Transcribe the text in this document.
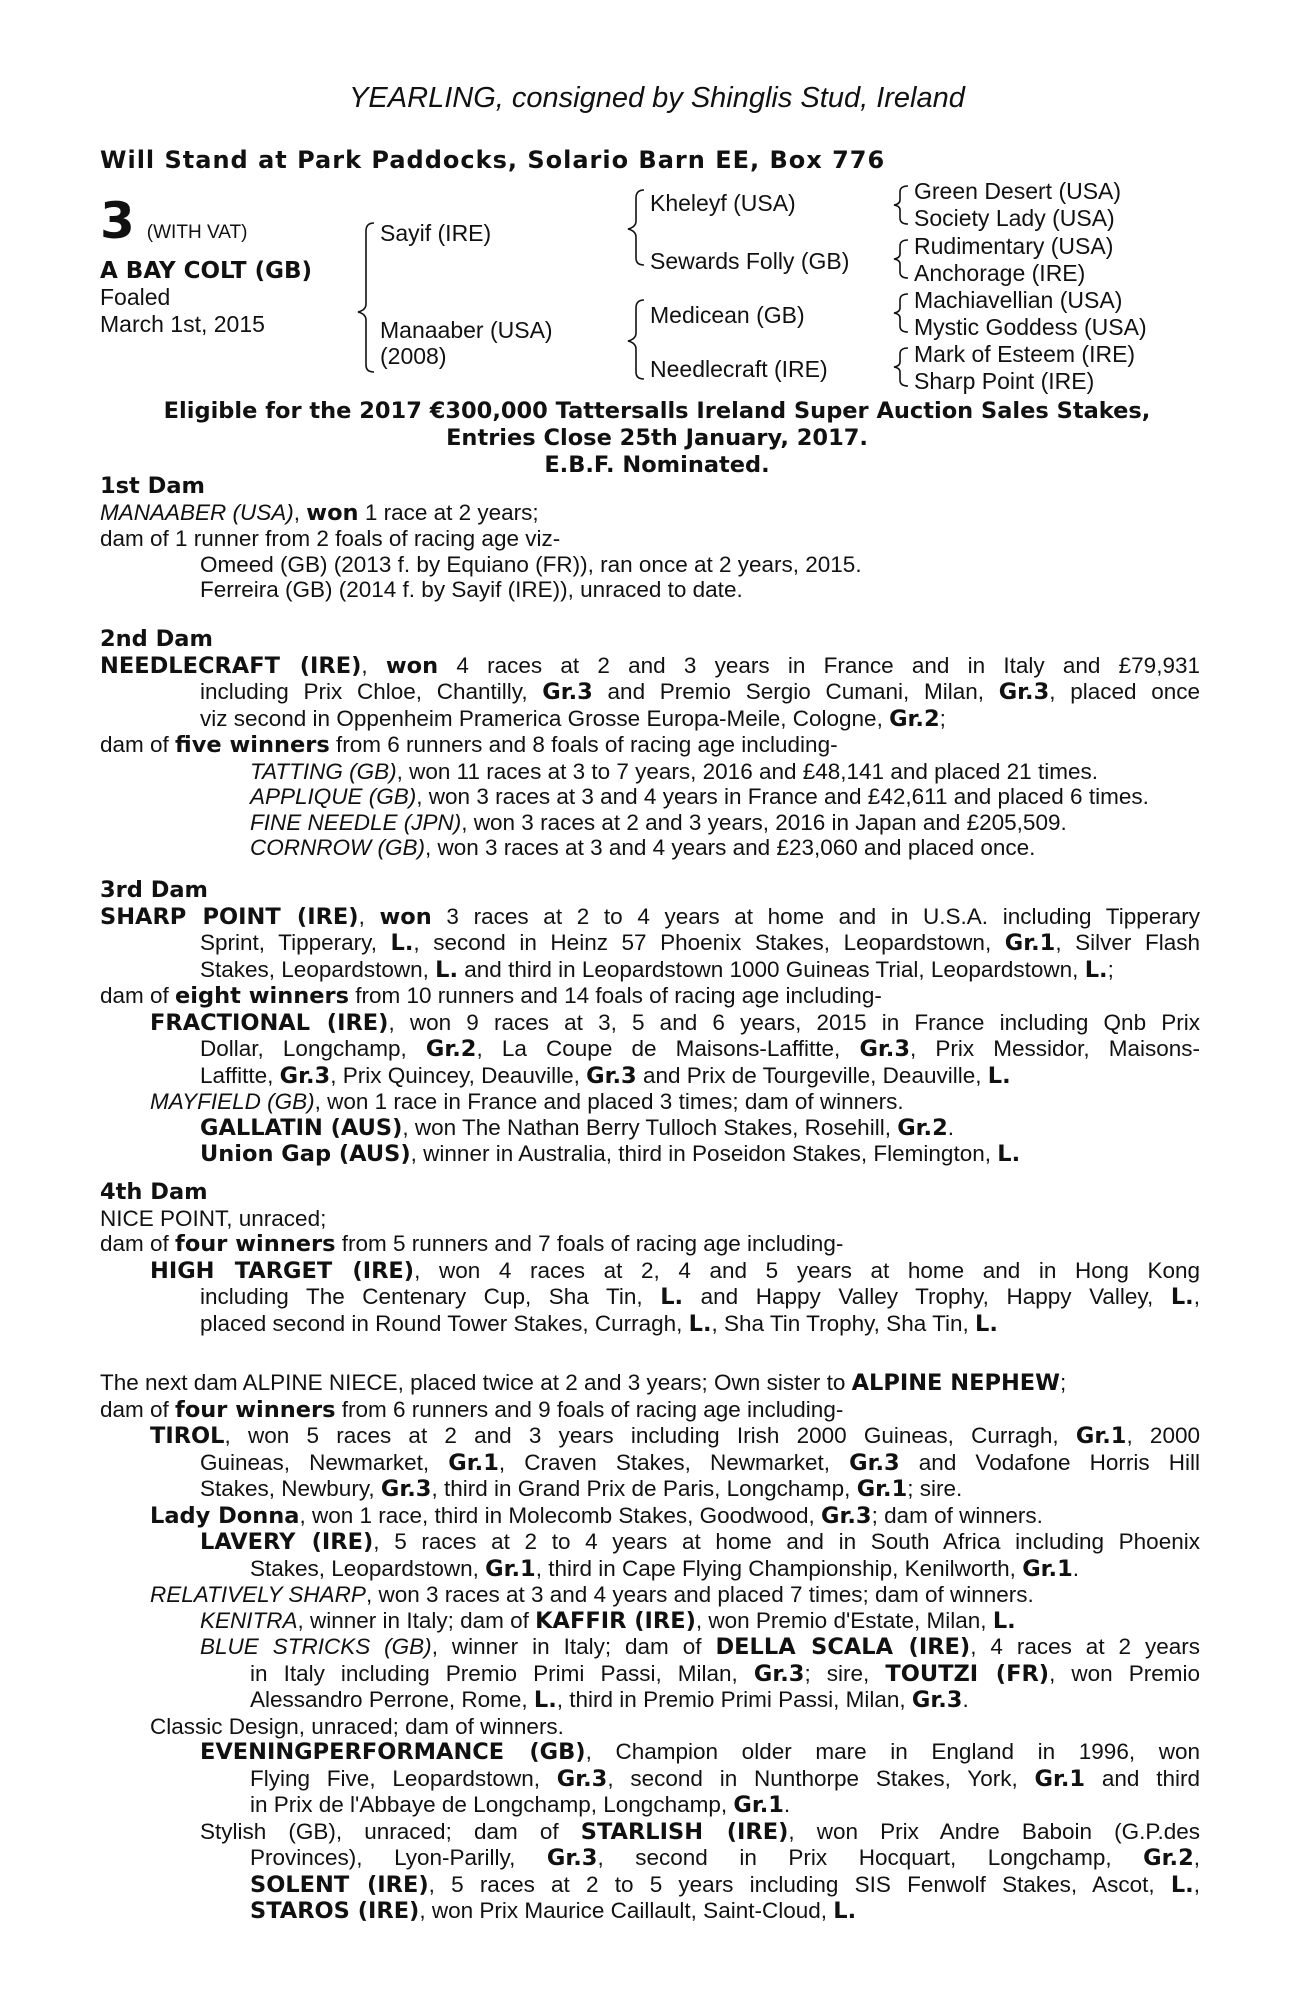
YEARLING, consigned by Shinglis Stud, Ireland
Will Stand at Park Paddocks, Solario Barn EE, Box 776
3 (WITH VAT)
A BAY COLT (GB)
Foaled
March 1st, 2015
Sayif (IRE)
Manaaber (USA)
(2008)
Kheleyf (USA)
Sewards Folly (GB)
Medicean (GB)
Needlecraft (IRE)
Green Desert (USA)
Society Lady (USA)
Rudimentary (USA)
Anchorage (IRE)
Machiavellian (USA)
Mystic Goddess (USA)
Mark of Esteem (IRE)
Sharp Point (IRE)
Eligible for the 2017 €300,000 Tattersalls Ireland Super Auction Sales Stakes,
Entries Close 25th January, 2017.
E.B.F. Nominated.
1st Dam
MANAABER (USA), won 1 race at 2 years;
dam of 1 runner from 2 foals of racing age viz-
Omeed (GB) (2013 f. by Equiano (FR)), ran once at 2 years, 2015.
Ferreira (GB) (2014 f. by Sayif (IRE)), unraced to date.
2nd Dam
NEEDLECRAFT (IRE), won 4 races at 2 and 3 years in France and in Italy and £79,931
including Prix Chloe, Chantilly, Gr.3 and Premio Sergio Cumani, Milan, Gr.3, placed once
viz second in Oppenheim Pramerica Grosse Europa-Meile, Cologne, Gr.2;
dam of five winners from 6 runners and 8 foals of racing age including-
TATTING (GB), won 11 races at 3 to 7 years, 2016 and £48,141 and placed 21 times.
APPLIQUE (GB), won 3 races at 3 and 4 years in France and £42,611 and placed 6 times.
FINE NEEDLE (JPN), won 3 races at 2 and 3 years, 2016 in Japan and £205,509.
CORNROW (GB), won 3 races at 3 and 4 years and £23,060 and placed once.
3rd Dam
SHARP POINT (IRE), won 3 races at 2 to 4 years at home and in U.S.A. including Tipperary
Sprint, Tipperary, L., second in Heinz 57 Phoenix Stakes, Leopardstown, Gr.1, Silver Flash
Stakes, Leopardstown, L. and third in Leopardstown 1000 Guineas Trial, Leopardstown, L.;
dam of eight winners from 10 runners and 14 foals of racing age including-
FRACTIONAL (IRE), won 9 races at 3, 5 and 6 years, 2015 in France including Qnb Prix
Dollar, Longchamp, Gr.2, La Coupe de Maisons-Laffitte, Gr.3, Prix Messidor, Maisons-
Laffitte, Gr.3, Prix Quincey, Deauville, Gr.3 and Prix de Tourgeville, Deauville, L.
MAYFIELD (GB), won 1 race in France and placed 3 times; dam of winners.
GALLATIN (AUS), won The Nathan Berry Tulloch Stakes, Rosehill, Gr.2.
Union Gap (AUS), winner in Australia, third in Poseidon Stakes, Flemington, L.
4th Dam
NICE POINT, unraced;
dam of four winners from 5 runners and 7 foals of racing age including-
HIGH TARGET (IRE), won 4 races at 2, 4 and 5 years at home and in Hong Kong
including The Centenary Cup, Sha Tin, L. and Happy Valley Trophy, Happy Valley, L.,
placed second in Round Tower Stakes, Curragh, L., Sha Tin Trophy, Sha Tin, L.
The next dam ALPINE NIECE, placed twice at 2 and 3 years; Own sister to ALPINE NEPHEW;
dam of four winners from 6 runners and 9 foals of racing age including-
TIROL, won 5 races at 2 and 3 years including Irish 2000 Guineas, Curragh, Gr.1, 2000
Guineas, Newmarket, Gr.1, Craven Stakes, Newmarket, Gr.3 and Vodafone Horris Hill
Stakes, Newbury, Gr.3, third in Grand Prix de Paris, Longchamp, Gr.1; sire.
Lady Donna, won 1 race, third in Molecomb Stakes, Goodwood, Gr.3; dam of winners.
LAVERY (IRE), 5 races at 2 to 4 years at home and in South Africa including Phoenix
Stakes, Leopardstown, Gr.1, third in Cape Flying Championship, Kenilworth, Gr.1.
RELATIVELY SHARP, won 3 races at 3 and 4 years and placed 7 times; dam of winners.
KENITRA, winner in Italy; dam of KAFFIR (IRE), won Premio d'Estate, Milan, L.
BLUE STRICKS (GB), winner in Italy; dam of DELLA SCALA (IRE), 4 races at 2 years
in Italy including Premio Primi Passi, Milan, Gr.3; sire, TOUTZI (FR), won Premio
Alessandro Perrone, Rome, L., third in Premio Primi Passi, Milan, Gr.3.
Classic Design, unraced; dam of winners.
EVENINGPERFORMANCE (GB), Champion older mare in England in 1996, won
Flying Five, Leopardstown, Gr.3, second in Nunthorpe Stakes, York, Gr.1 and third
in Prix de l'Abbaye de Longchamp, Longchamp, Gr.1.
Stylish (GB), unraced; dam of STARLISH (IRE), won Prix Andre Baboin (G.P.des
Provinces), Lyon-Parilly, Gr.3, second in Prix Hocquart, Longchamp, Gr.2,
SOLENT (IRE), 5 races at 2 to 5 years including SIS Fenwolf Stakes, Ascot, L.,
STAROS (IRE), won Prix Maurice Caillault, Saint-Cloud, L.
